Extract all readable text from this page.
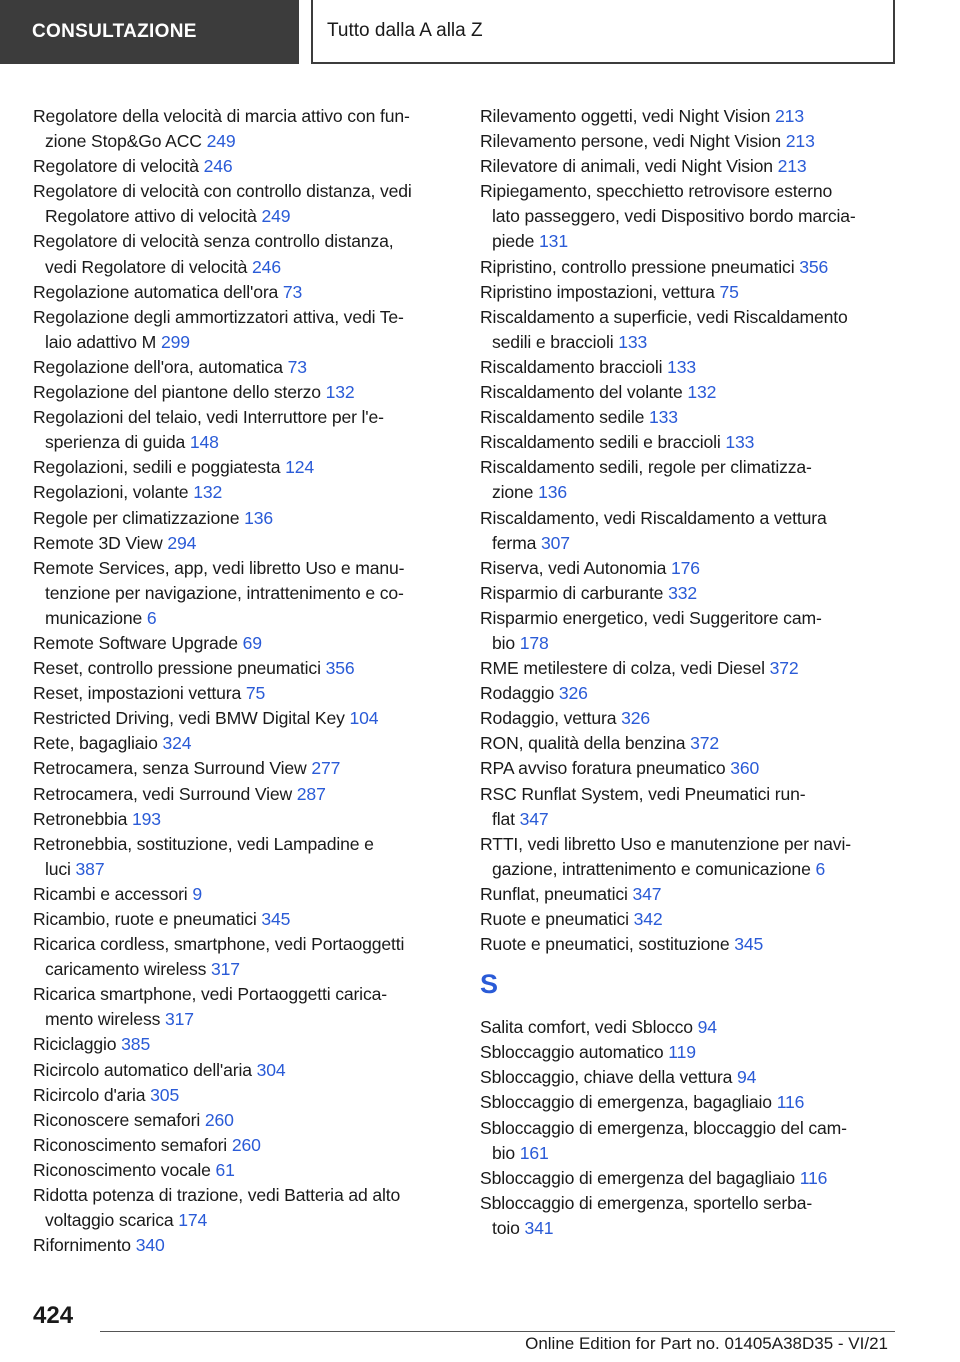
CONSULTAZIONE	Tutto dalla A alla Z
Regolatore della velocità di marcia attivo con fun-
zione Stop&Go ACC 249
Regolatore di velocità 246
Regolatore di velocità con controllo distanza, vedi
Regolatore attivo di velocità 249
Regolatore di velocità senza controllo distanza,
vedi Regolatore di velocità 246
Regolazione automatica dell'ora 73
Regolazione degli ammortizzatori attiva, vedi Te-
laio adattivo M 299
Regolazione dell'ora, automatica 73
Regolazione del piantone dello sterzo 132
Regolazioni del telaio, vedi Interruttore per l'e-
sperienza di guida 148
Regolazioni, sedili e poggiatesta 124
Regolazioni, volante 132
Regole per climatizzazione 136
Remote 3D View 294
Remote Services, app, vedi libretto Uso e manu-
tenzione per navigazione, intrattenimento e co-
municazione 6
Remote Software Upgrade 69
Reset, controllo pressione pneumatici 356
Reset, impostazioni vettura 75
Restricted Driving, vedi BMW Digital Key 104
Rete, bagagliaio 324
Retrocamera, senza Surround View 277
Retrocamera, vedi Surround View 287
Retronebbia 193
Retronebbia, sostituzione, vedi Lampadine e
luci 387
Ricambi e accessori 9
Ricambio, ruote e pneumatici 345
Ricarica cordless, smartphone, vedi Portaoggetti
caricamento wireless 317
Ricarica smartphone, vedi Portaoggetti carica-
mento wireless 317
Riciclaggio 385
Ricircolo automatico dell'aria 304
Ricircolo d'aria 305
Riconoscere semafori 260
Riconoscimento semafori 260
Riconoscimento vocale 61
Ridotta potenza di trazione, vedi Batteria ad alto
voltaggio scarica 174
Rifornimento 340
Rilevamento oggetti, vedi Night Vision 213
Rilevamento persone, vedi Night Vision 213
Rilevatore di animali, vedi Night Vision 213
Ripiegamento, specchietto retrovisore esterno
lato passeggero, vedi Dispositivo bordo marcia-
piede 131
Ripristino, controllo pressione pneumatici 356
Ripristino impostazioni, vettura 75
Riscaldamento a superficie, vedi Riscaldamento
sedili e braccioli 133
Riscaldamento braccioli 133
Riscaldamento del volante 132
Riscaldamento sedile 133
Riscaldamento sedili e braccioli 133
Riscaldamento sedili, regole per climatizza-
zione 136
Riscaldamento, vedi Riscaldamento a vettura
ferma 307
Riserva, vedi Autonomia 176
Risparmio di carburante 332
Risparmio energetico, vedi Suggeritore cam-
bio 178
RME metilestere di colza, vedi Diesel 372
Rodaggio 326
Rodaggio, vettura 326
RON, qualità della benzina 372
RPA avviso foratura pneumatico 360
RSC Runflat System, vedi Pneumatici run-
flat 347
RTTI, vedi libretto Uso e manutenzione per navi-
gazione, intrattenimento e comunicazione 6
Runflat, pneumatici 347
Ruote e pneumatici 342
Ruote e pneumatici, sostituzione 345
S
Salita comfort, vedi Sblocco 94
Sbloccaggio automatico 119
Sbloccaggio, chiave della vettura 94
Sbloccaggio di emergenza, bagagliaio 116
Sbloccaggio di emergenza, bloccaggio del cam-
bio 161
Sbloccaggio di emergenza del bagagliaio 116
Sbloccaggio di emergenza, sportello serba-
toio 341
424
Online Edition for Part no. 01405A38D35 - VI/21
